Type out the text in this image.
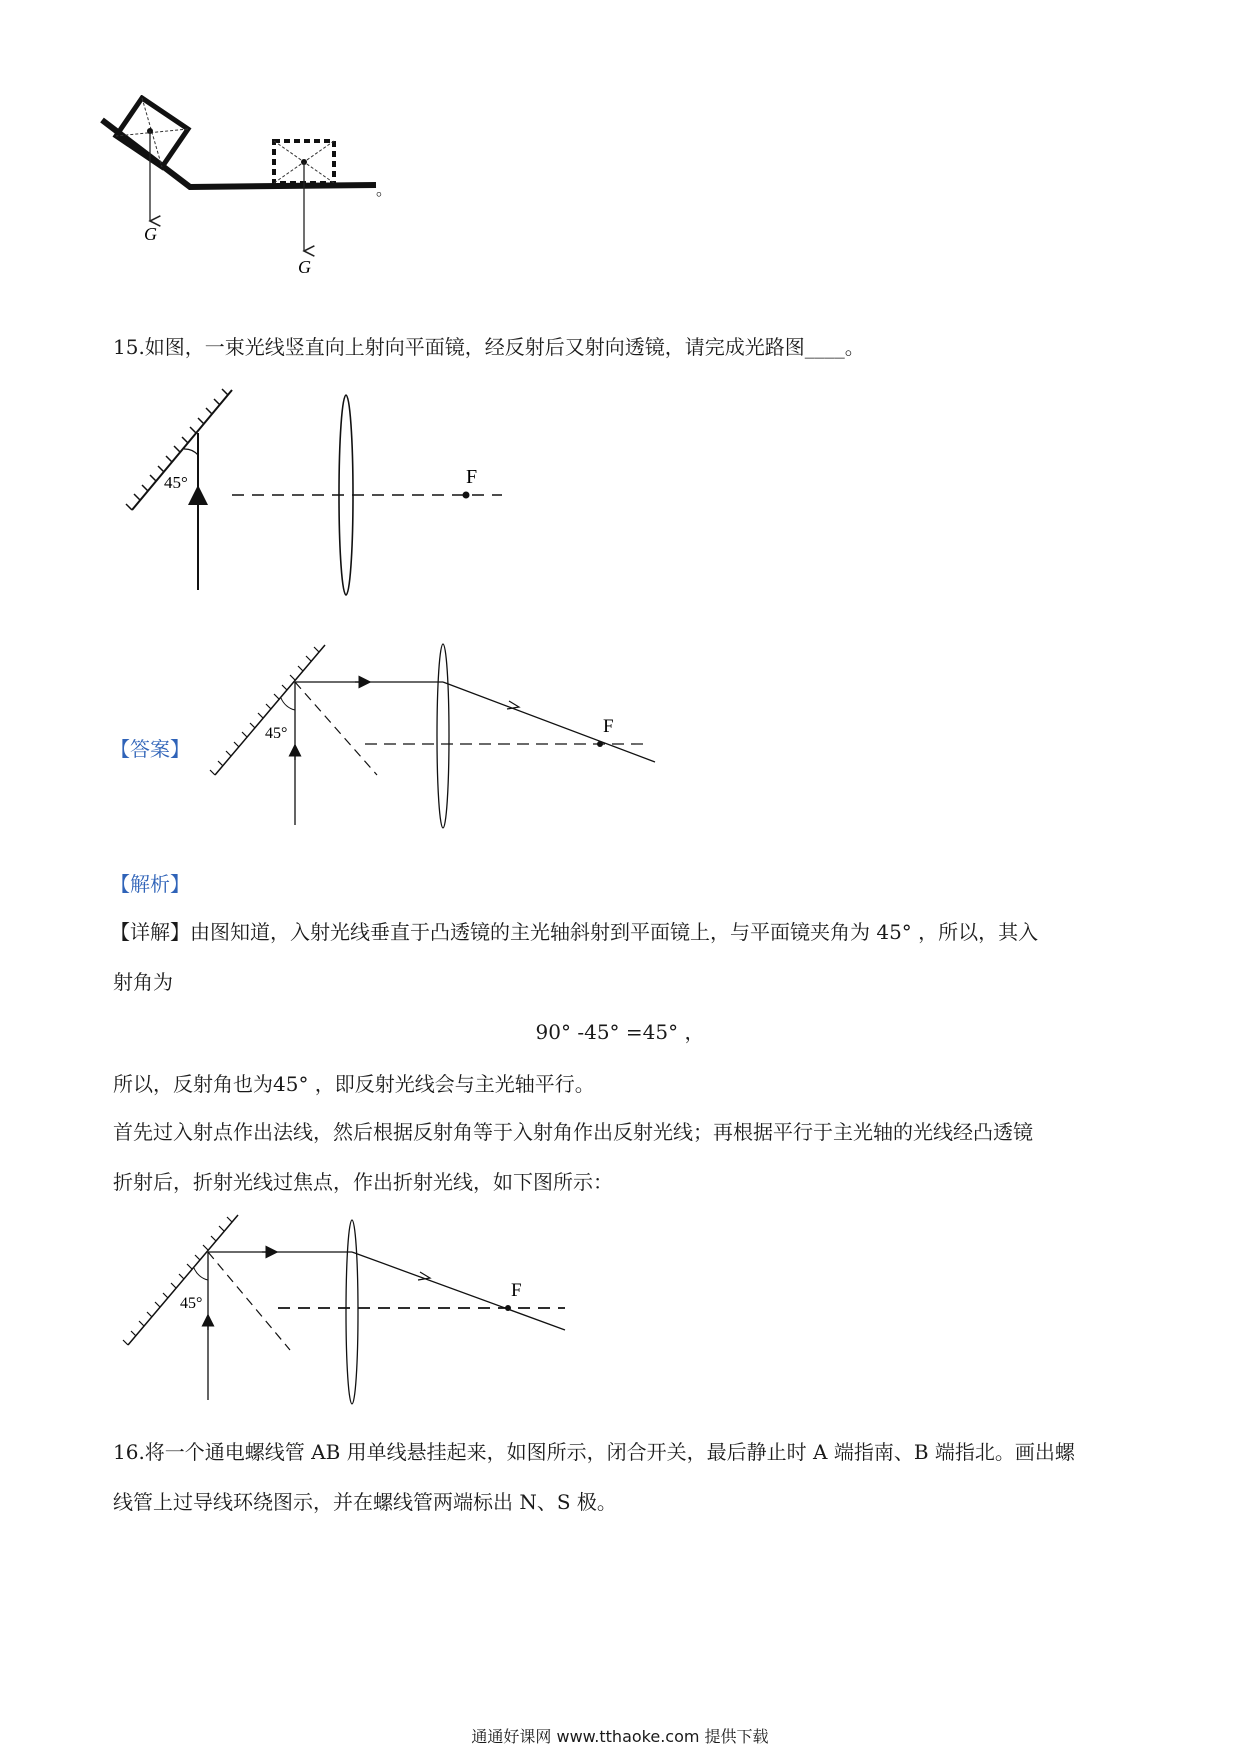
G
G
。
15.如图，一束光线竖直向上射向平面镜，经反射后又射向透镜，请完成光路图____。
45°	F
【答案】
45°	F
【解析】
【详解】由图知道，入射光线垂直于凸透镜的主光轴斜射到平面镜上，与平面镜夹角为 45° ，所以，其入
射角为
90° -45° =45° ，
所以，反射角也为45° ，即反射光线会与主光轴平行。
首先过入射点作出法线，然后根据反射角等于入射角作出反射光线；再根据平行于主光轴的光线经凸透镜
折射后，折射光线过焦点，作出折射光线，如下图所示：
45°
F
16.将一个通电螺线管 AB 用单线悬挂起来，如图所示，闭合开关，最后静止时 A 端指南、B 端指北。画出螺
线管上过导线环绕图示，并在螺线管两端标出 N、S 极。
通通好课网 www.tthaoke.com 提供下载
